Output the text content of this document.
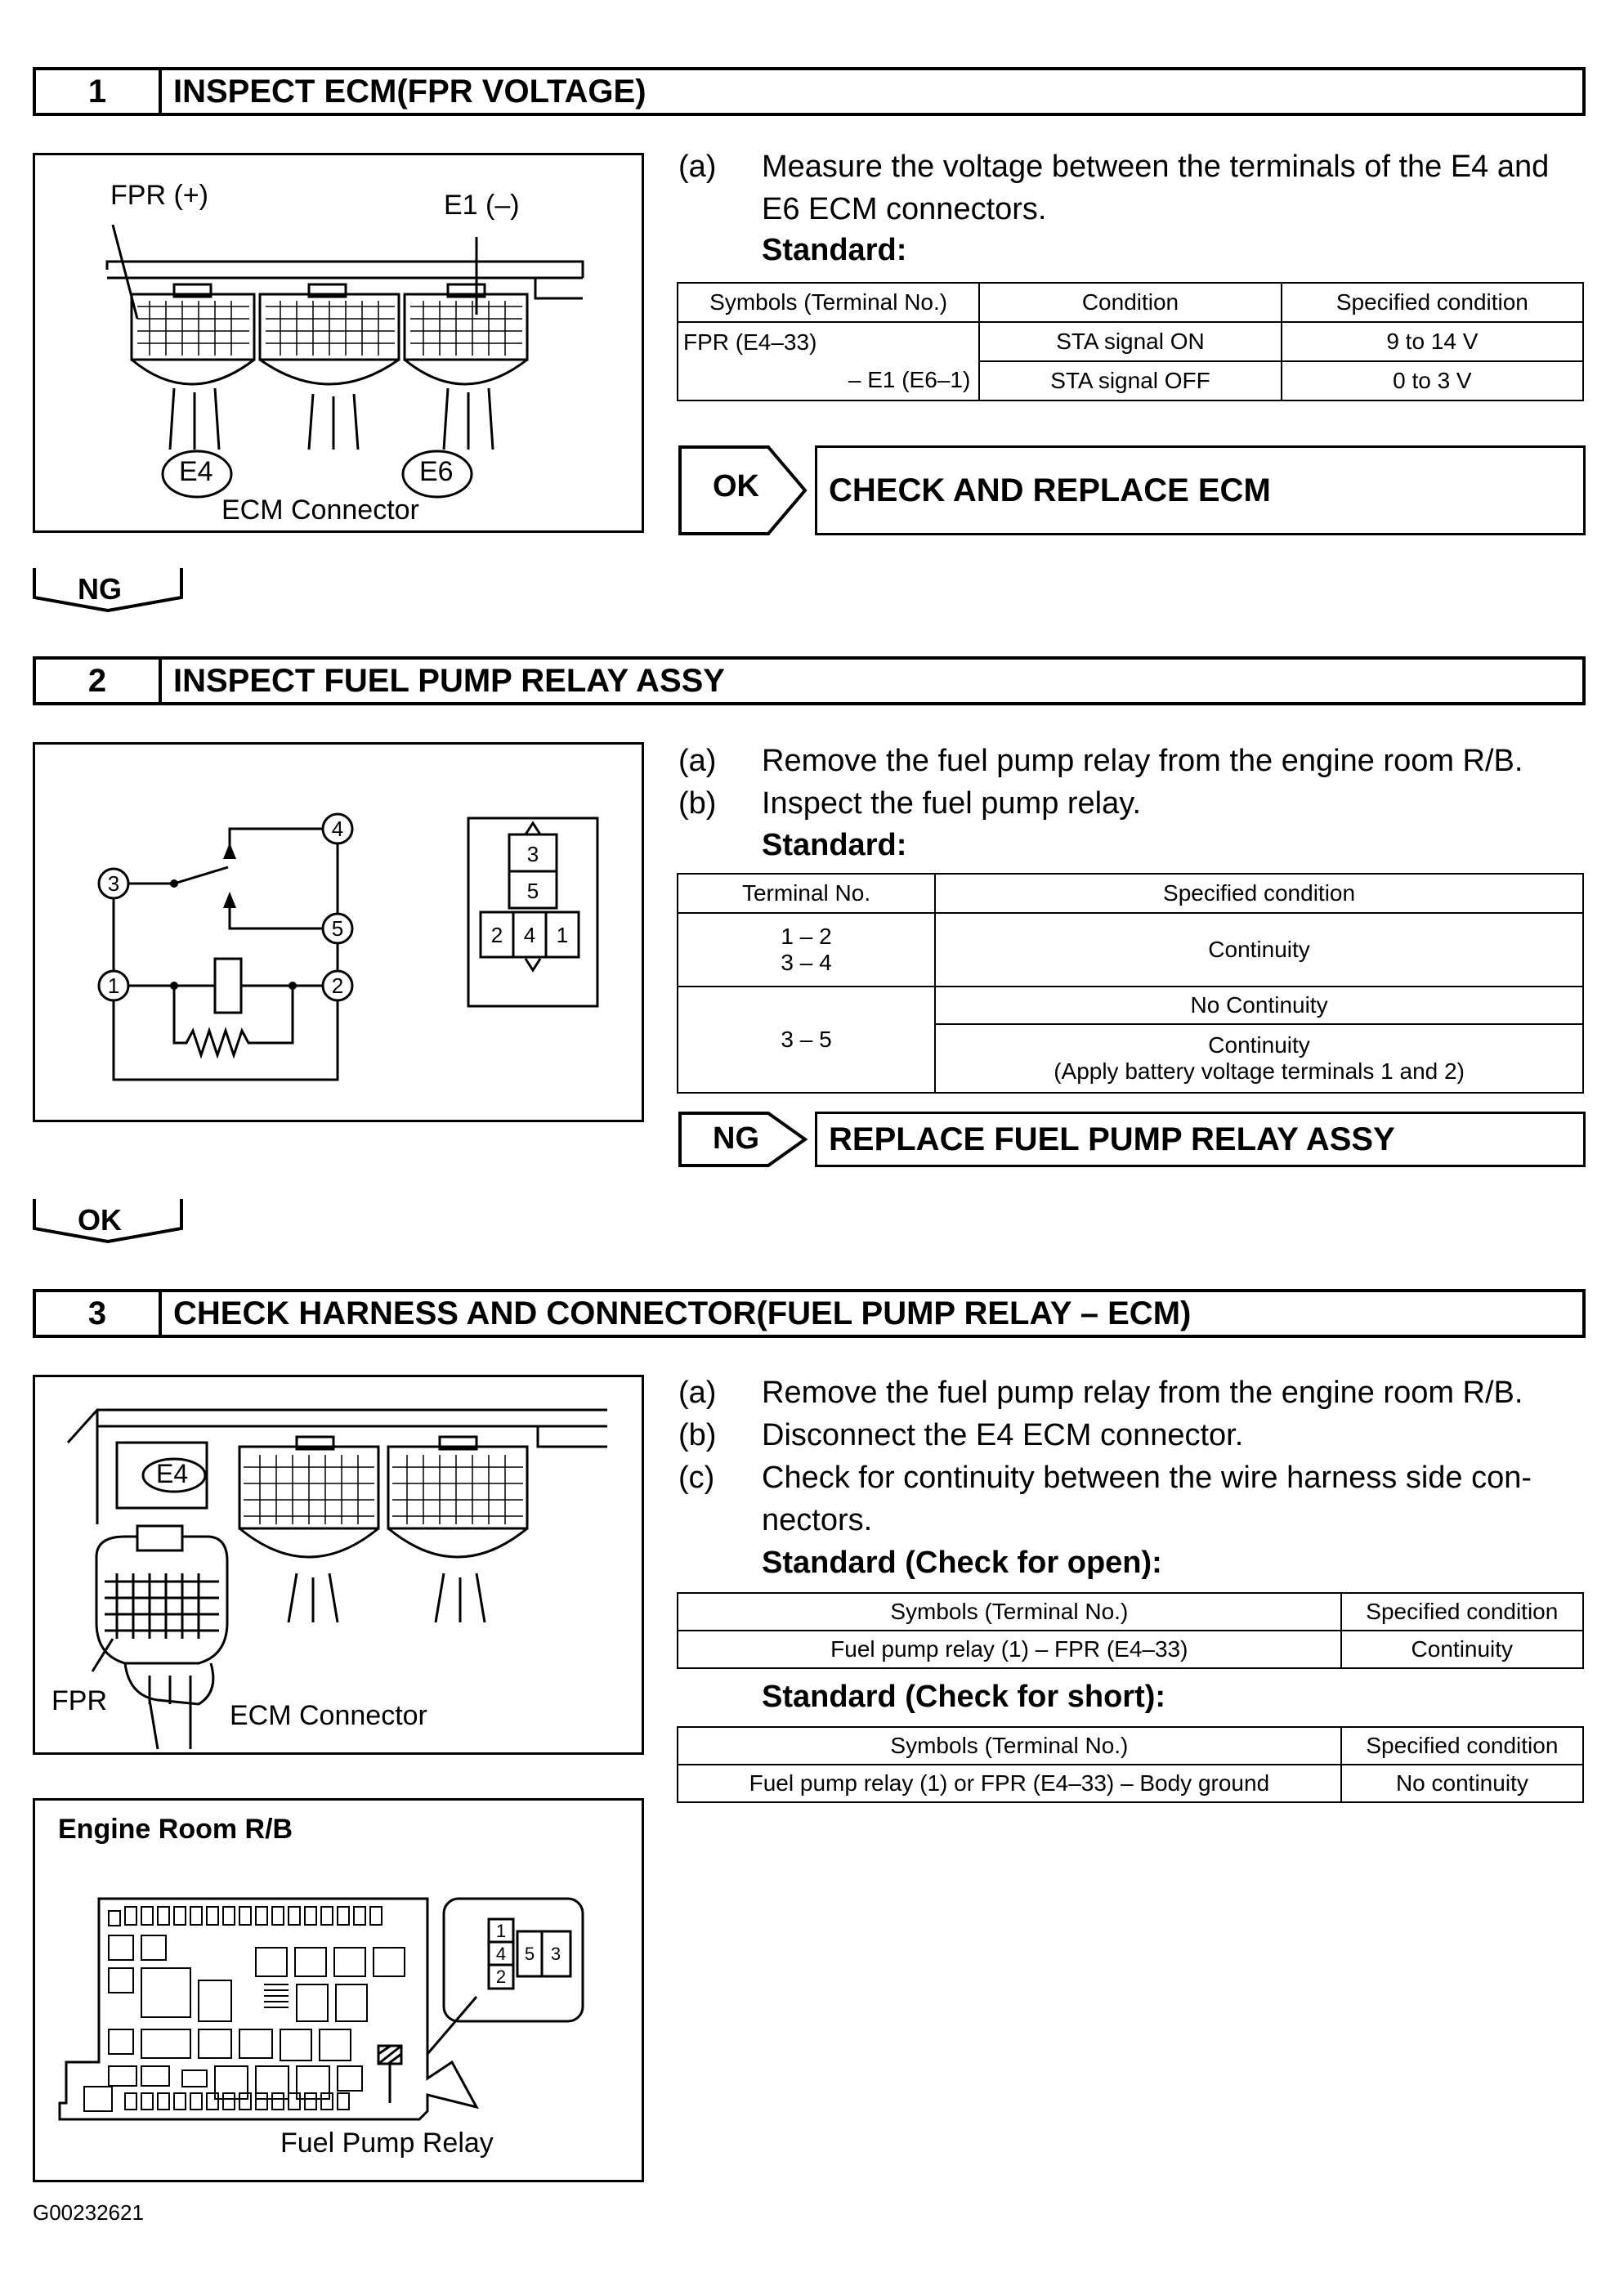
1	INSPECT ECM(FPR VOLTAGE)
FPR (+)	E1 (–)
E4	E6
ECM Connector
(a) Measure the voltage between the terminals of the E4 and
E6 ECM connectors.
Standard:
Symbols (Terminal No.)	Condition	Specified condition

FPR (E4–33)
– E1 (E6–1)	STA signal ON	9 to 14 V
	STA signal OFF	0 to 3 V
OK	CHECK AND REPLACE ECM
NG
2	INSPECT FUEL PUMP RELAY ASSY
3
4
5
1	2
3
5
2 4 1
(a) Remove the fuel pump relay from the engine room R/B.
(b) Inspect the fuel pump relay.
Standard:
Terminal No.	Specified condition

1 – 2
3 – 4	Continuity
3 – 5	No Continuity

	Continuity
(Apply battery voltage terminals 1 and 2)
NG	REPLACE FUEL PUMP RELAY ASSY
OK
3	CHECK HARNESS AND CONNECTOR(FUEL PUMP RELAY – ECM)
E4
FPR	ECM Connector
Engine Room R/B
1
4
2
5 3
Fuel Pump Relay
(a) Remove the fuel pump relay from the engine room R/B.
(b) Disconnect the E4 ECM connector.
(c) Check for continuity between the wire harness side con-
nectors.
Standard (Check for open):
Symbols (Terminal No.)	Specified condition
Fuel pump relay (1) – FPR (E4–33)	Continuity
Standard (Check for short):
Symbols (Terminal No.)	Specified condition
Fuel pump relay (1) or FPR (E4–33) – Body ground	No continuity
G00232621
